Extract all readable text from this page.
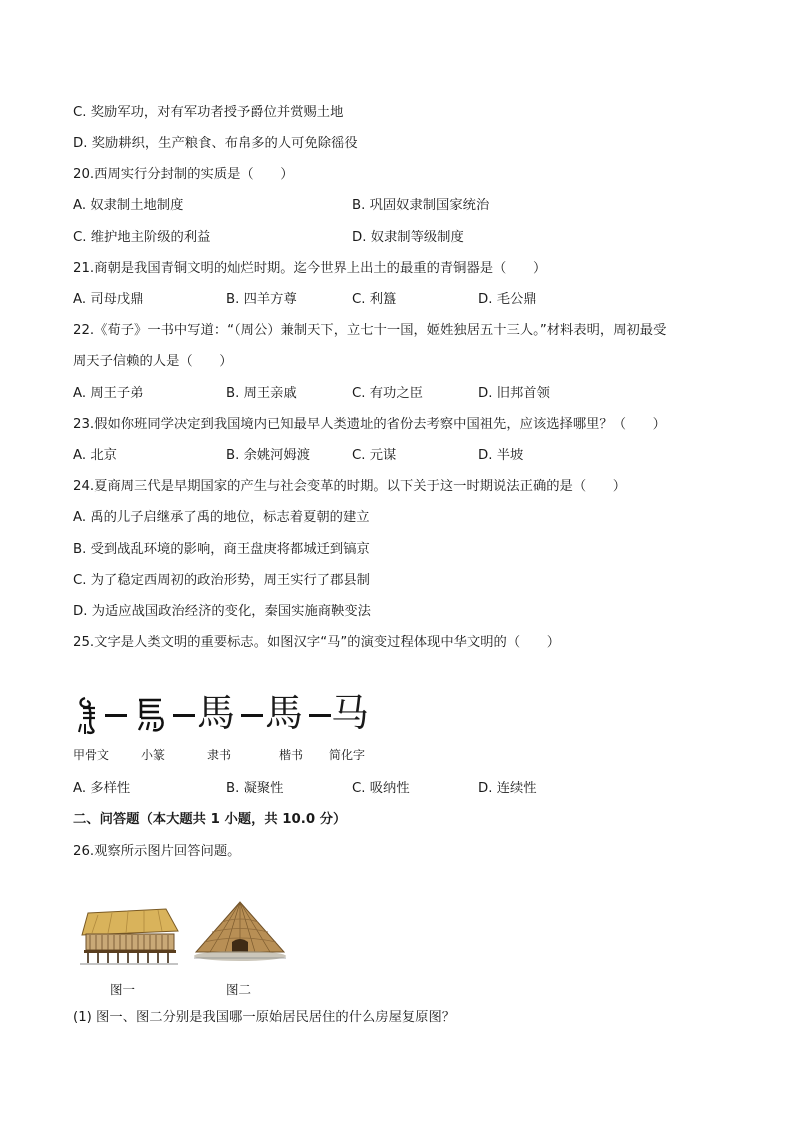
C. 奖励军功，对有军功者授予爵位并赏赐土地
D. 奖励耕织，生产粮食、布帛多的人可免除徭役
20.西周实行分封制的实质是（　　）
A. 奴隶制土地制度	B. 巩固奴隶制国家统治
C. 维护地主阶级的利益	D. 奴隶制等级制度
21.商朝是我国青铜文明的灿烂时期。迄今世界上出土的最重的青铜器是（　　）
A. 司母戊鼎	B. 四羊方尊	C. 利簋	D. 毛公鼎
22.《荀子》一书中写道：“（周公）兼制天下，立七十一国，姬姓独居五十三人。”材料表明，周初最受
周天子信赖的人是（　　）
A. 周王子弟	B. 周王亲戚	C. 有功之臣	D. 旧邦首领
23.假如你班同学决定到我国境内已知最早人类遗址的省份去考察中国祖先，应该选择哪里？（　　）
A. 北京	B. 余姚河姆渡	C. 元谋	D. 半坡
24.夏商周三代是早期国家的产生与社会变革的时期。以下关于这一时期说法正确的是（　　）
A. 禹的儿子启继承了禹的地位，标志着夏朝的建立
B. 受到战乱环境的影响，商王盘庚将都城迁到镐京
C. 为了稳定西周初的政治形势，周王实行了郡县制
D. 为适应战国政治经济的变化，秦国实施商鞅变法
25.文字是人类文明的重要标志。如图汉字“马”的演变过程体现中华文明的（　　）
馬 馬 马
甲骨文	小篆	隶书	楷书 简化字
A. 多样性	B. 凝聚性	C. 吸纳性	D. 连续性
二、问答题（本大题共 1 小题，共 10.0 分）
26.观察所示图片回答问题。
图一	图二
(1) 图一、图二分别是我国哪一原始居民居住的什么房屋复原图？
